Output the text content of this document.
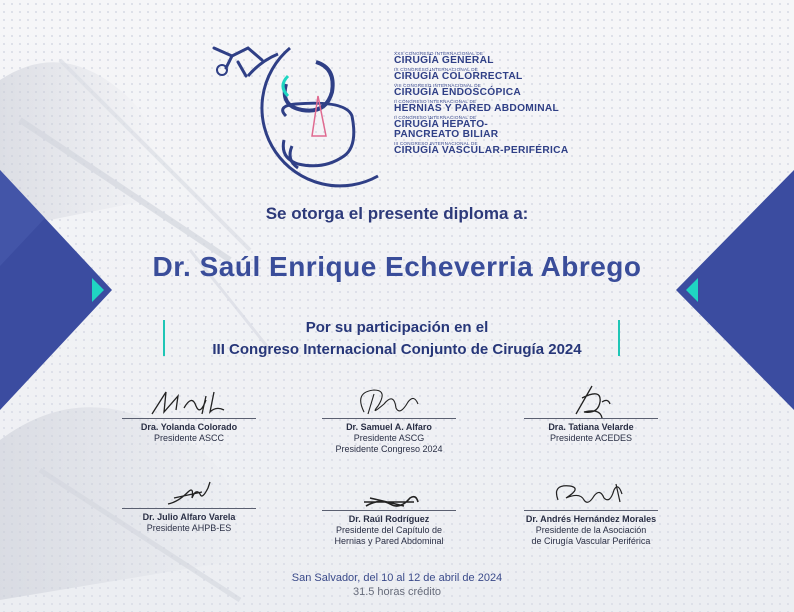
XXX CONGRESO INTERNACIONAL DE
CIRUGÍA GENERAL
IX CONGRESO INTERNACIONAL DE
CIRUGÍA COLORRECTAL
VIII CONGRESO INTERNACIONAL DE
CIRUGÍA ENDOSCÓPICA
II CONGRESO INTERNACIONAL DE
HERNIAS Y PARED ABDOMINAL
II CONGRESO INTERNACIONAL DE
CIRUGÍA HEPATO-PANCREATO BILIAR
III CONGRESO INTERNACIONAL DE
CIRUGÍA VASCULAR-PERIFÉRICA
Se otorga el presente diploma a:
Dr. Saúl Enrique Echeverria Abrego
Por su participación en el
III Congreso Internacional Conjunto de Cirugía 2024
Dra. Yolanda Colorado
Presidente ASCC
Dr. Samuel A. Alfaro
Presidente ASCG
Presidente Congreso 2024
Dra. Tatiana Velarde
Presidente ACEDES
Dr. Julio Alfaro Varela
Presidente AHPB-ES
Dr. Raúl Rodríguez
Presidente del Capítulo de
Hernias y Pared Abdominal
Dr. Andrés Hernández Morales
Presidente de la Asociación
de Cirugía Vascular Periférica
San Salvador, del 10 al 12 de abril de 2024
31.5 horas crédito
